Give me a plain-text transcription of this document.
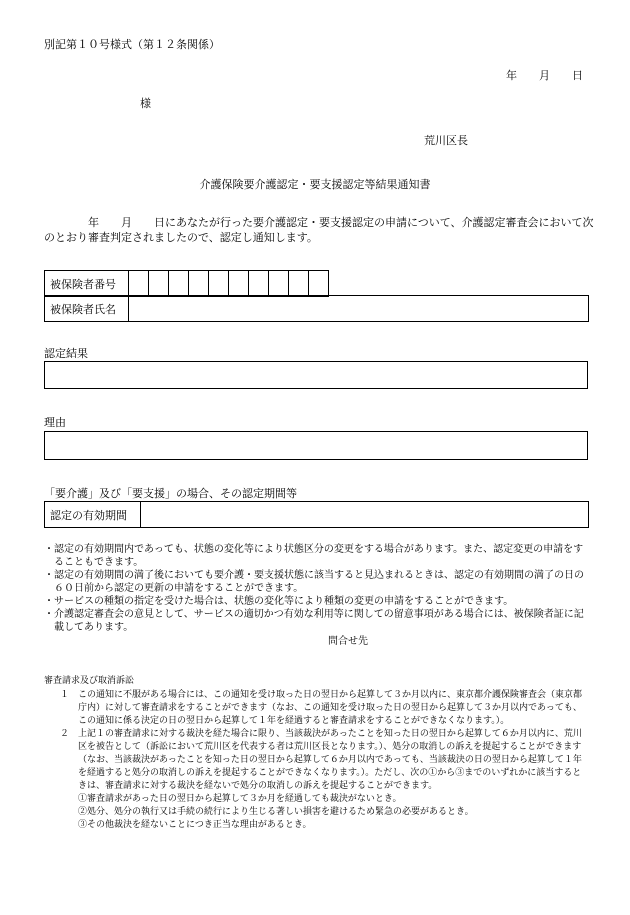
別記第１０号様式（第１２条関係）
年　　月　　日
様
荒川区長
介護保険要介護認定・要支援認定等結果通知書
　　　　年　　月　　日にあなたが行った要介護認定・要支援認定の申請について、介護認定審査会において次のとおり審査判定されましたので、認定し通知します。
被保険者番号										
被保険者氏名	
認定結果
理由
「要介護」及び「要支援」の場合、その認定期間等
認定の有効期間	
・認定の有効期間内であっても、状態の変化等により状態区分の変更をする場合があります。また、認定変更の申請をすることもできます。
・認定の有効期間の満了後においても要介護・要支援状態に該当すると見込まれるときは、認定の有効期間の満了の日の６０日前から認定の更新の申請をすることができます。
・サービスの種類の指定を受けた場合は、状態の変化等により種類の変更の申請をすることができます。
・介護認定審査会の意見として、サービスの適切かつ有効な利用等に関しての留意事項がある場合には、被保険者証に記載してあります。
問合せ先
審査請求及び取消訴訟
１　この通知に不服がある場合には、この通知を受け取った日の翌日から起算して３か月以内に、東京都介護保険審査会（東京都庁内）に対して審査請求をすることができます（なお、この通知を受け取った日の翌日から起算して３か月以内であっても、この通知に係る決定の日の翌日から起算して１年を経過すると審査請求をすることができなくなります。）。
２　上記１の審査請求に対する裁決を経た場合に限り、当該裁決があったことを知った日の翌日から起算して６か月以内に、荒川区を被告として（訴訟において荒川区を代表する者は荒川区長となります。）、処分の取消しの訴えを提起することができます（なお、当該裁決があったことを知った日の翌日から起算して６か月以内であっても、当該裁決の日の翌日から起算して１年を経過すると処分の取消しの訴えを提起することができなくなります。）。ただし、次の①から③までのいずれかに該当するときは、審査請求に対する裁決を経ないで処分の取消しの訴えを提起することができます。
①審査請求があった日の翌日から起算して３か月を経過しても裁決がないとき。
②処分、処分の執行又は手続の続行により生じる著しい損害を避けるため緊急の必要があるとき。
③その他裁決を経ないことにつき正当な理由があるとき。
